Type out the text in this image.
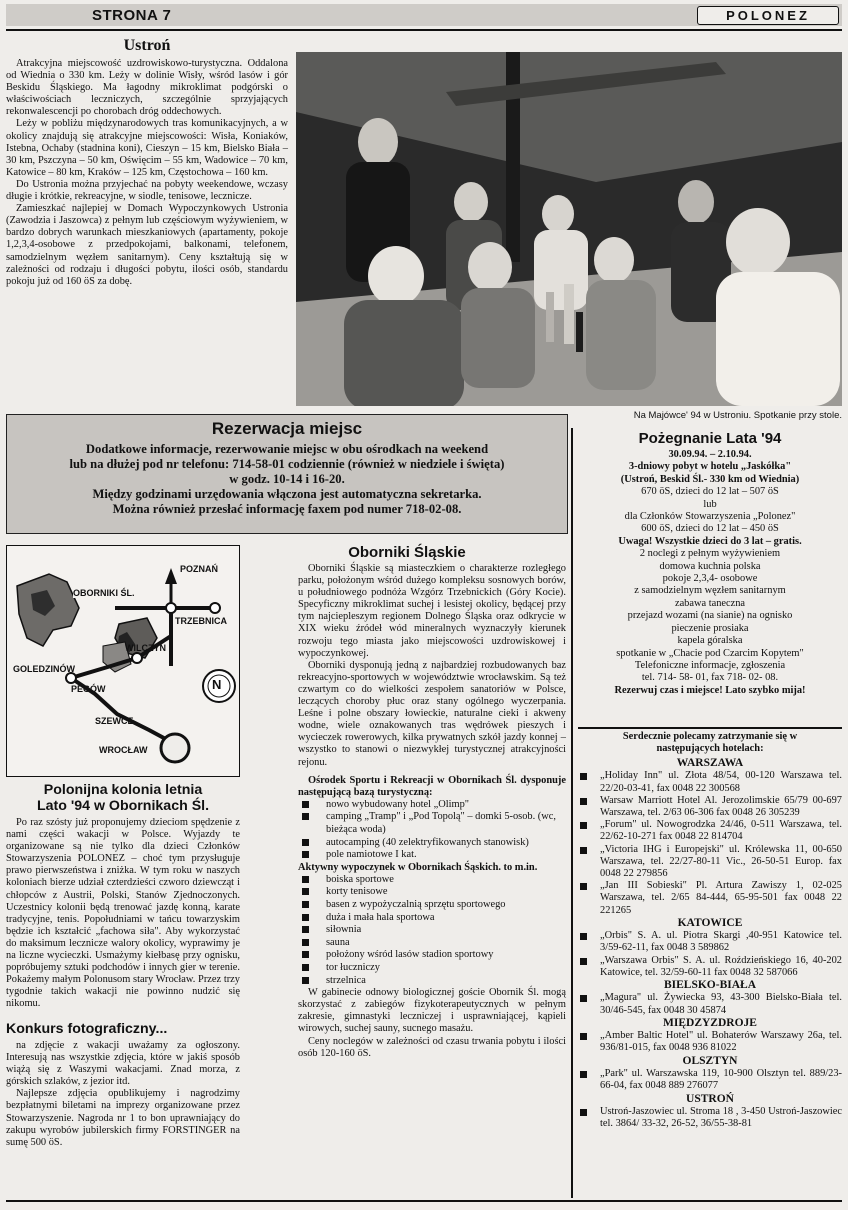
STRONA 7	POLONEZ
Ustroń

Atrakcyjna miejscowość uzdrowiskowo-turystyczna. Oddalona od Wiednia o 330 km. Leży w dolinie Wisły, wśród lasów i gór Beskidu Śląskiego. Ma łagodny mikroklimat podgórski o właściwościach leczniczych, szczególnie sprzyjających rekonwalescencji po chorobach dróg oddechowych.

Leży w pobliżu międzynarodowych tras komunikacyjnych, a w okolicy znajdują się atrakcyjne miejscowości: Wisła, Koniaków, Istebna, Ochaby (stadnina koni), Cieszyn – 15 km, Bielsko Biała – 30 km, Pszczyna – 50 km, Oświęcim – 55 km, Wadowice – 70 km, Katowice – 80 km, Kraków – 125 km, Częstochowa – 160 km.

Do Ustronia można przyjechać na pobyty weekendowe, wczasy długie i krótkie, rekreacyjne, w siodle, tenisowe, lecznicze.

Zamieszkać najlepiej w Domach Wypoczynkowych Ustronia (Zawodzia i Jaszowca) z pełnym lub częściowym wyżywieniem, w bardzo dobrych warunkach mieszkaniowych (apartamenty, pokoje 1,2,3,4-osobowe z przedpokojami, balkonami, telefonem, samodzielnym węzłem sanitarnym). Ceny kształtują się w zależności od rodzaju i długości pobytu, ilości osób, standardu pokoju już od 160 öS za dobę.

Na Majówce' 94 w Ustroniu. Spotkanie przy stole.
Rezerwacja miejsc
Dodatkowe informacje, rezerwowanie miejsc w obu ośrodkach na weekend
lub na dłużej pod nr telefonu: 714-58-01 codziennie (również w niedziele i święta)
w godz. 10-14 i 16-20.
Między godzinami urzędowania włączona jest automatyczna sekretarka.
Można również przesłać informację faxem pod numer 718-02-08.
POZNAŃ
OBORNIKI ŚL.
TRZEBNICA
WILCZYN
GOLEDZINÓW
PEGÓW
SZEWCE
WROCŁAW
N
Polonijna kolonia letnia
Lato '94 w Obornikach Śl.

Po raz szósty już proponujemy dzieciom spędzenie z nami części wakacji w Polsce. Wyjazdy te organizowane są nie tylko dla dzieci Członków Stowarzyszenia POLONEZ – choć tym przysługuje prawo pierwszeństwa i zniżka. W tym roku w naszych koloniach bierze udział czterdzieści czworo dziewcząt i chłopców z Austrii, Polski, Stanów Zjednoczonych. Uczestnicy kolonii będą trenować jazdę konną, karate tradycyjne, tenis. Popołudniami w tańcu towarzyskim będzie ich kształcić „fachowa siła". Aby wykorzystać do maksimum lecznicze walory okolicy, wyprawimy je na liczne wycieczki. Usmażymy kiełbasę przy ognisku, popróbujemy sztuki podchodów i innych gier w terenie. Pokażemy małym Polonusom stary Wrocław. Przez trzy tygodnie takich wakacji nie powinno nudzić się nikomu.

Konkurs fotograficzny...

na zdjęcie z wakacji uważamy za ogłoszony. Interesują nas wszystkie zdjęcia, które w jakiś sposób wiążą się z Waszymi wakacjami. Znad morza, z górskich szlaków, z jezior itd.

Najlepsze zdjęcia opublikujemy i nagrodzimy bezpłatnymi biletami na imprezy organizowane przez Stowarzyszenie. Nagroda nr 1 to bon uprawniający do zakupu wyrobów jubilerskich firmy FORSTINGER na sumę 500 öS.

Oborniki Śląskie

Oborniki Śląskie są miasteczkiem o charakterze rozległego parku, położonym wśród dużego kompleksu sosnowych borów, u południowego podnóża Wzgórz Trzebnickich (Góry Kocie). Specyficzny mikroklimat suchej i lesistej okolicy, będącej przy tym najciepleszym regionem Dolnego Śląska oraz odkrycie w XIX wieku źródeł wód mineralnych wyznaczyły kierunek rozwoju tego miasta jako miejscowości uzdrowiskowej i wypoczynkowej.

Oborniki dysponują jedną z najbardziej rozbudowanych baz rekreacyjno-sportowych w województwie wrocławskim. Są też czwartym co do wielkości zespołem sanatoriów w Polsce, leczących choroby płuc oraz stany ogólnego wyczerpania. Leśne i polne obszary łowieckie, naturalne cieki i akweny wodne, wiele oznakowanych tras wędrówek pieszych i wycieczek rowerowych, kilka prywatnych szkół jazdy konnej – wszystko to stanowi o niezwykłej turystycznej atrakcyjności rejonu.

Ośrodek Sportu i Rekreacji w Obornikach Śl. dysponuje następującą bazą turystyczną:

nowo wybudowany hotel „Olimp"
camping „Tramp" i „Pod Topolą" – domki 5-osob. (wc, bieżąca woda)
autocamping (40 zelektryfikowanych stanowisk)
pole namiotowe I kat.

Aktywny wypoczynek w Obornikach Śąskich. to m.in.

boiska sportowe
korty tenisowe
basen z wypożyczalnią sprzętu sportowego
duża i mała hala sportowa
siłownia
sauna
położony wśród lasów stadion sportowy
tor łuczniczy
strzelnica

W gabinecie odnowy biologicznej goście Obornik Śl. mogą skorzystać z zabiegów fizykoterapeutycznych w pełnym zakresie, gimnastyki leczniczej i usprawniającej, kąpieli wirowych, suchej sauny, sucnego masażu.

Ceny noclegów w zależności od czasu trwania pobytu i ilości osób 120-160 öS.

Pożegnanie Lata '94
30.09.94. – 2.10.94.
3-dniowy pobyt w hotelu „Jaskółka"
(Ustroń, Beskid Śl.- 330 km od Wiednia)
670 öS, dzieci do 12 lat – 507 öS
lub
dla Członków Stowarzyszenia „Polonez"
600 öS, dzieci do 12 lat – 450 öS
Uwaga! Wszystkie dzieci do 3 lat – gratis.
2 noclegi z pełnym wyżywieniem
domowa kuchnia polska
pokoje 2,3,4- osobowe
z samodzielnym węzłem sanitarnym
zabawa taneczna
przejazd wozami (na sianie) na ognisko
pieczenie prosiaka
kapela góralska
spotkanie w „Chacie pod Czarcim Kopytem"
Telefoniczne informacje, zgłoszenia
tel. 714- 58- 01, fax 718- 02- 08.
Rezerwuj czas i miejsce! Lato szybko mija!
Serdecznie polecamy zatrzymanie się w następujących hotelach:
WARSZAWA
„Holiday Inn" ul. Złota 48/54, 00-120 Warszawa tel. 22/20-03-41, fax 0048 22 300568
Warsaw Marriott Hotel Al. Jerozolimskie 65/79 00-697 Warszawa, tel. 2/63 06-306 fax 0048 26 305239
„Forum" ul. Nowogrodzka 24/46, 0-511 Warszawa, tel. 22/62-10-271 fax 0048 22 814704
„Victoria IHG i Europejski" ul. Królewska 11, 00-650 Warszawa, tel. 22/27-80-11 Vic., 26-50-51 Europ. fax 0048 22 279856
„Jan III Sobieski" Pl. Artura Zawiszy 1, 02-025 Warszawa, tel. 2/65 84-444, 65-95-501 fax 0048 22 221265
KATOWICE
„Orbis" S. A. ul. Piotra Skargi ,40-951 Katowice tel. 3/59-62-11, fax 0048 3 589862
„Warszawa Orbis" S. A. ul. Roździeńskiego 16, 40-202 Katowice, tel. 32/59-60-11 fax 0048 32 587066
BIELSKO-BIAŁA
„Magura" ul. Żywiecka 93, 43-300 Bielsko-Biała tel. 30/46-545, fax 0048 30 45874
MIĘDZYZDROJE
„Amber Baltic Hotel" ul. Bohaterów Warszawy 26a, tel. 936/81-015, fax 0048 936 81022
OLSZTYN
„Park" ul. Warszawska 119, 10-900 Olsztyn tel. 889/23-66-04, fax 0048 889 276077
USTROŃ
Ustroń-Jaszowiec ul. Stroma 18 , 3-450 Ustroń-Jaszowiec tel. 3864/ 33-32, 26-52, 36/55-38-81
